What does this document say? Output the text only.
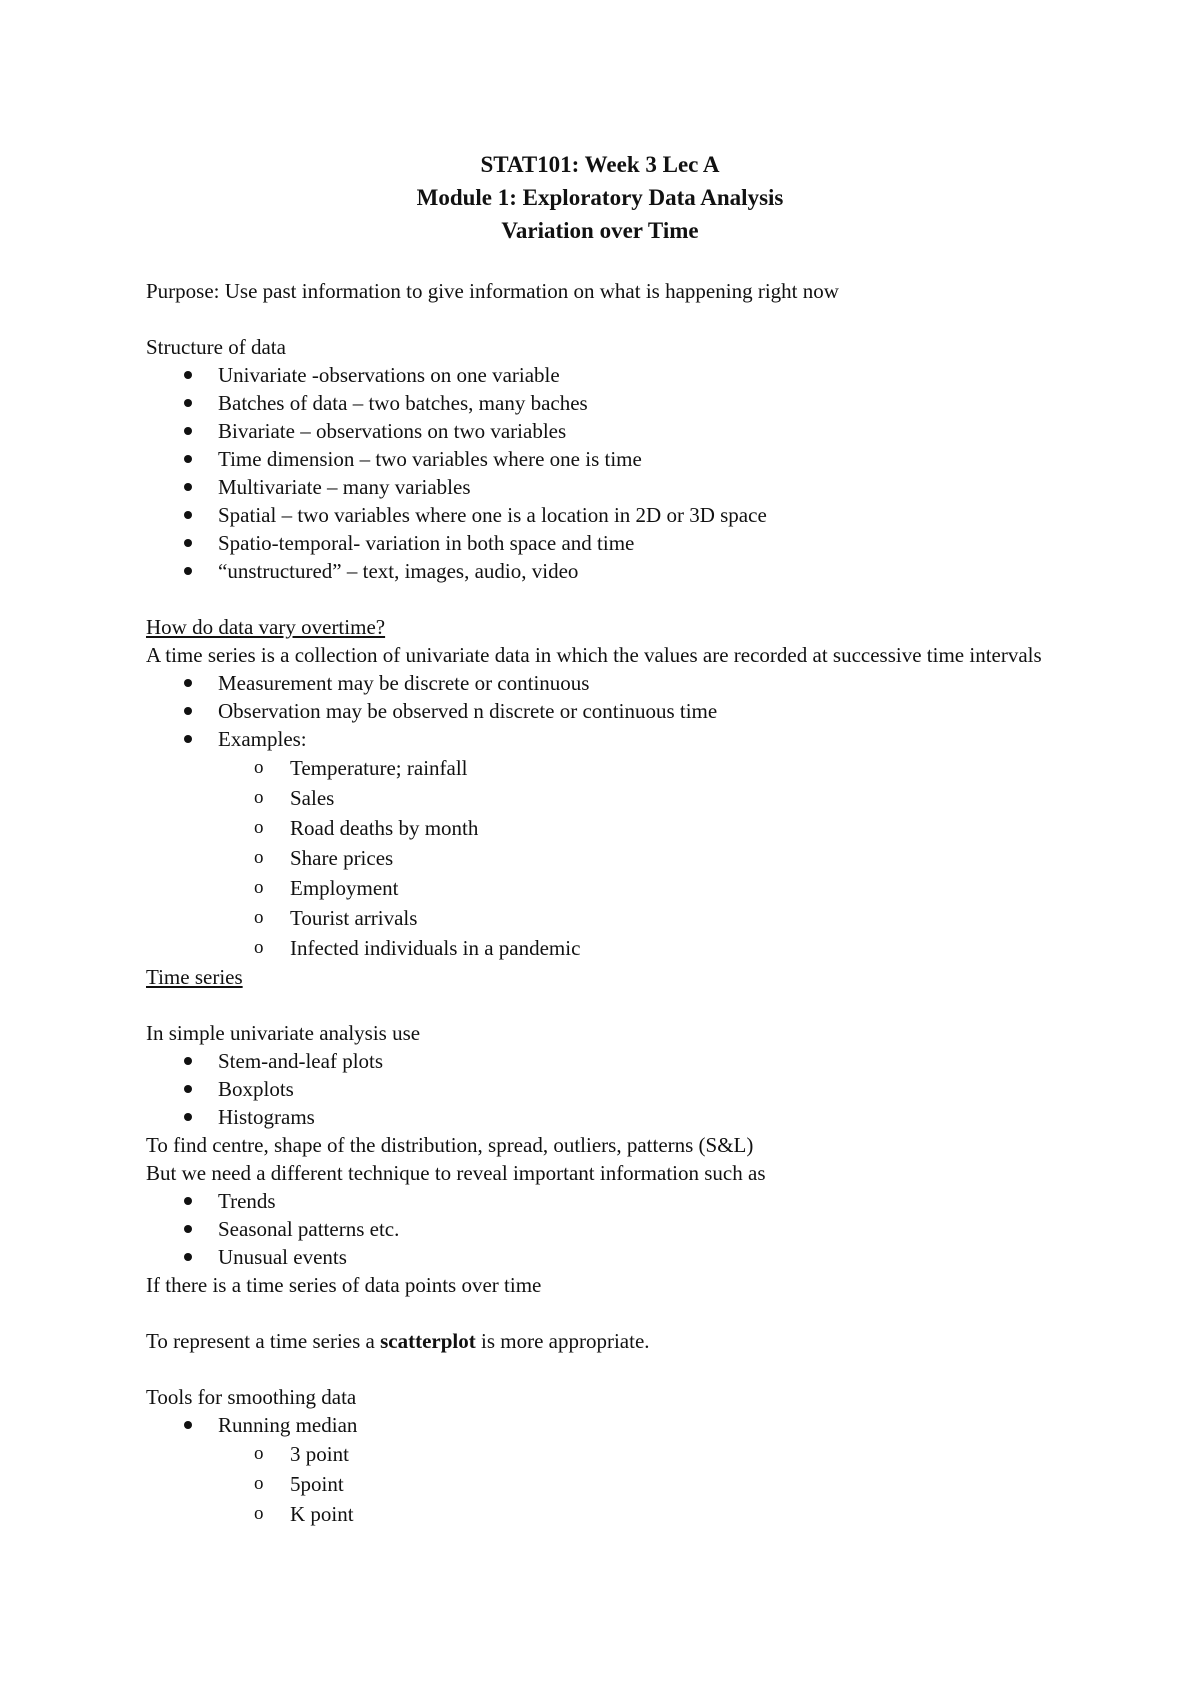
STAT101: Week 3 Lec A
Module 1: Exploratory Data Analysis
Variation over Time
Purpose: Use past information to give information on what is happening right now
Structure of data
Univariate -observations on one variable
Batches of data – two batches, many baches
Bivariate – observations on two variables
Time dimension – two variables where one is time
Multivariate – many variables
Spatial – two variables where one is a location in 2D or 3D space
Spatio-temporal- variation in both space and time
“unstructured” – text, images, audio, video
How do data vary overtime?
A time series is a collection of univariate data in which the values are recorded at successive time intervals
Measurement may be discrete or continuous
Observation may be observed n discrete or continuous time
Examples:
o Temperature; rainfall
o Sales
o Road deaths by month
o Share prices
o Employment
o Tourist arrivals
o Infected individuals in a pandemic
Time series
In simple univariate analysis use
Stem-and-leaf plots
Boxplots
Histograms
To find centre, shape of the distribution, spread, outliers, patterns (S&L)
But we need a different technique to reveal important information such as
Trends
Seasonal patterns etc.
Unusual events
If there is a time series of data points over time
To represent a time series a scatterplot is more appropriate.
Tools for smoothing data
Running median
o 3 point
o 5point
o K point
